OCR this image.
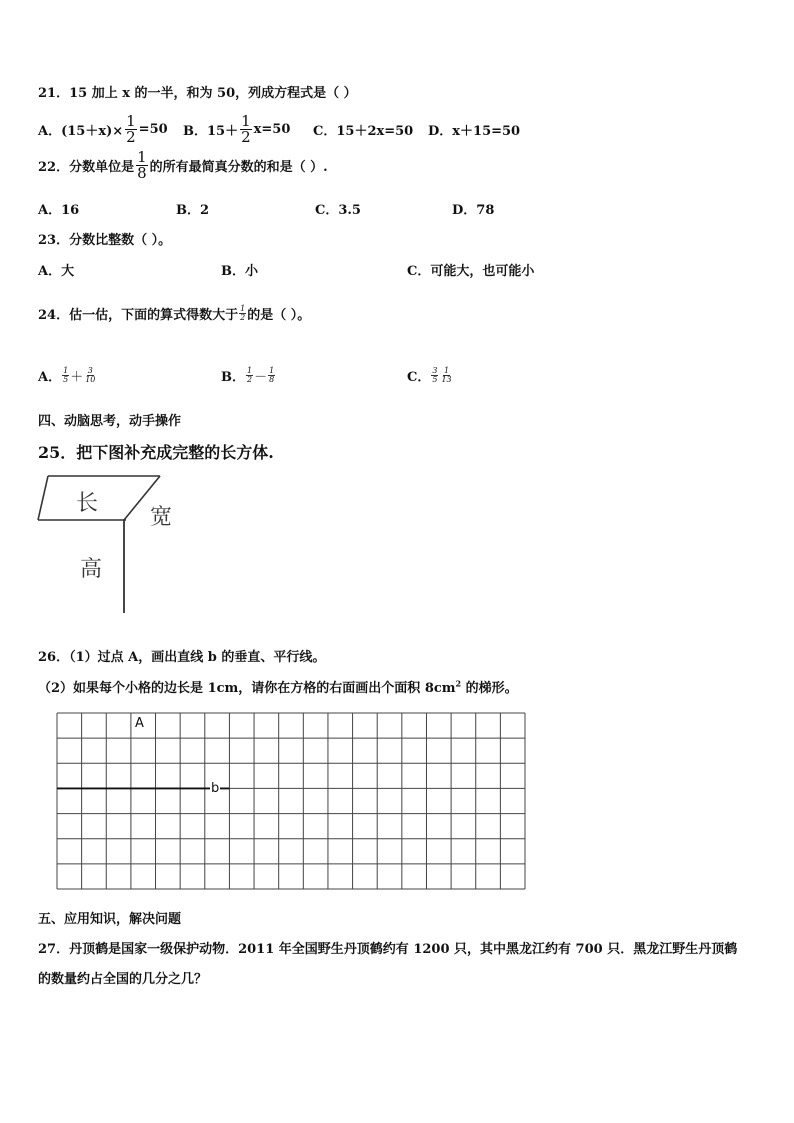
21．15 加上 x 的一半，和为 50，列成方程式是（ ）
A．$(15+x)\times \frac{1}{2} =50$ B．$15+ \frac{1}{2} x=50$ C．15＋2x=50 D．x＋15=50
22．分数单位是 $\frac{1}{8}$ 的所有最简真分数的和是（ ）.
A．16	B．2	C．3.5	D．78
23．分数比整数（ ）。
A．大	B．小	C．可能大，也可能小
24．估一估，下面的算式得数大于 $\frac{1}{2}$ 的是（ ）。
A． $\frac{1}{5} + \frac{3}{10}$	B． $\frac{1}{2} - \frac{1}{8}$	C． $\frac{3}{5} \frac{1}{13}$
四、动脑思考，动手操作
25．把下图补充成完整的长方体.
长
宽
高
26．（1）过点 A，画出直线 b 的垂直、平行线。
（2）如果每个小格的边长是 1cm，请你在方格的右面画出个面积 $8cm^2$ 的梯形。
A
b
五、应用知识，解决问题
27．丹顶鹤是国家一级保护动物．2011 年全国野生丹顶鹤约有 1200 只，其中黑龙江约有 700 只．黑龙江野生丹顶鹤
的数量约占全国的几分之几？
